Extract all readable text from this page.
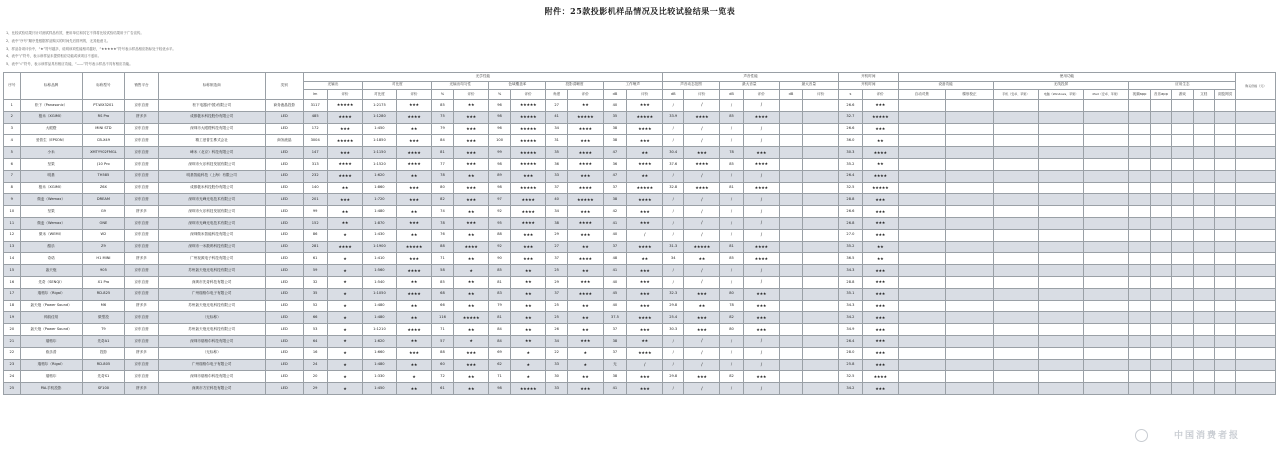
附件：25款投影机样品情况及比较试验结果一览表
1、比较试验结果只针对测试样品有效，使用单位和其它不得将比较试验结果用于广告宣传。
2、表中“序号”顺序是根据样品购买的时间先后排列的，无其他意义。
3、样品各项评价中，“★”符号越多，说明该项性能相对越好，“★★★★★”符号表示样品相应指标处于较优水平。
4、表中“/”符号，表示该样品未提供相应功能或该项目不适用。
5、表中“√”符号，表示该样品具有相应功能，“——”符号表示样品不具有相应功能。
序号	标称品牌	标称型号	销售平台	标称制造商	类别	光学性能												声音性能						开机时间		使用功能										购买价格（元）
						光输出		对比度		光输出均匀性		色域覆盖率		投影清晰度		工作噪声		声音动态范围		最大音量		最大音量		开机时间		设备功能		无线投屏			应用生态					
						lm	评价	对比度	评价	%	评价	%	评价	角度	评价	dB	评价	dB	评价	dB	评价	dB	评价	s	评价	自动对焦	梯形校正	手机（安卓、苹果）	电脑（Windows、苹果）	iPad（安卓、苹果）	视频app	音乐app	游戏	文档	浏览网页	
1	松下（Panasonic）	PT-WX3201	京东自营	松下电器(中国)有限公司	商务液晶投影	3117	★★★★★	1:2175	★★★	85	★★	96	★★★★★	27	★★	40	★★★	/	/	/	/			26.6	★★★											
2	极米（XGIMI）	RS Pro	拼多多	成都极米科技股份有限公司	LED	485	★★★★	1:1280	★★★★	75	★★★	98	★★★★★	41	★★★★★	35	★★★★★	33.9	★★★★	85	★★★★			32.7	★★★★★											
3	大眼橙	MINI STD	京东自营	深圳市大眼橙科技有限公司	LED	172	★★★	1:450	★★	79	★★★	96	★★★★★	34	★★★★	38	★★★★	/	/	/	/			26.6	★★★											
4	爱普生（EPSON）	CB-X49	京东自营	精工爱普生株式会社	商务液晶	3004	★★★★★	1:1850	★★★	84	★★★	100	★★★★★	31	★★★	38	★★★	/	/	/	/			36.0	★★											
5	小米	XMTYY02FMGL	京东自营	峰米（北京）科技有限公司	LED	147	★★★	1:1150	★★★★	81	★★★	99	★★★★★	35	★★★★	47	★★	30.4	★★★	78	★★★			30.3	★★★★											
6	坚果	J10 Pro	京东自营	深圳市火乐科技发展有限公司	LED	313	★★★★	1:1520	★★★★	77	★★★	98	★★★★★	36	★★★★	36	★★★★	37.6	★★★★	85	★★★★			35.2	★★											
7	明基	TH585	京东自营	明基智能科技（上海）有限公司	LED	232	★★★★	1:620	★★	78	★★	89	★★★	33	★★★	47	★★	/	/	/	/			26.4	★★★★											
8	极米（XGIMI）	Z6X	京东自营	成都极米科技股份有限公司	LED	140	★★	1:860	★★★	80	★★★	98	★★★★★	37	★★★★	37	★★★★★	32.8	★★★★	81	★★★★			32.5	★★★★★											
9	微麦（Wemax）	DREAM	京东自营	深圳市光峰光电技术有限公司	LED	201	★★★	1:720	★★★	82	★★★	97	★★★★	40	★★★★★	38	★★★★	/	/	/	/			28.8	★★★											
10	坚果	G9	拼多多	深圳市火乐科技发展有限公司	LED	99	★★	1:480	★★	74	★★	92	★★★★	34	★★★	42	★★★	/	/	/	/			26.6	★★★											
11	微麦（Wemax）	ONE	京东自营	深圳市光峰光电技术有限公司	LED	152	★★	1:870	★★★	78	★★★	95	★★★★	38	★★★★	41	★★★	/	/	/	/			26.8	★★★											
12	微米（WEMI）	W2	京东自营	深圳微米智能科技有限公司	LED	86	★	1:430	★★	76	★★	88	★★★	29	★★★	40	/	/	/	/	/			27.0	★★★											
13	酷乐	Z9	京东自营	深圳市一米数码科技有限公司	LED	281	★★★★	1:1900	★★★★★	88	★★★★	92	★★★	27	★★	37	★★★★	31.3	★★★★★	81	★★★★			35.2	★★											
14	奇诺	H1 MINI	拼多多	广州视源电子科技有限公司	LED	61	★	1:410	★★★	71	★★	90	★★★	37	★★★★	48	★★	34	★★	85	★★★★			36.5	★★											
15	轰天炮	905	京东自营	苏州轰天炮光电科技有限公司	LED	59	★	1:560	★★★★	58	★	85	★★	25	★★	41	★★★	/	/	/	/			34.3	★★★											
16	先奇（SENQI）	X1 Pro	京东自营	深圳市先奇科技有限公司	LED	32	★	1:540	★★	85	★★	81	★★	29	★★★	40	★★★	/	/	/	/			28.8	★★★											
17	瑞格尔（Rigal）	RD-825	京东自营	广州瑞格尔电子有限公司	LED	35	★	1:1050	★★★★	68	★★	83	★★	37	★★★★	45	★★★	32.3	★★★	80	★★★			35.1	★★★											
18	轰天炮（Power Sound）	M6	拼多多	苏州轰天炮光电科技有限公司	LED	52	★	1:480	★★	66	★★	79	★★	25	★★	40	★★★	29.8	★★	78	★★★			34.3	★★★											
19	帅韵佳易	微型投	京东自营	（无标称）	LED	66	★	1:480	★★	116	★★★★★	81	★★	25	★★	37.5	★★★★	25.4	★★★	82	★★★			34.2	★★★											
20	轰天炮（Power Sound）	T9	京东自营	苏州轰天炮光电科技有限公司	LED	53	★	1:1210	★★★★	71	★★	84	★★	26	★★	37	★★★	30.3	★★★	80	★★★			34.9	★★★											
21	瑞格尔	先奇A1	京东自营	深圳市瑞格尔科技有限公司	LED	64	★	1:620	★★	57	★	84	★★	34	★★★	38	★★	/	/	/	/			26.4	★★★											
22	欧乐普	投影	拼多多	（无标称）	LED	16	★	1:660	★★★	88	★★★	69	★	22	★	37	★★★★	/	/	/	/			28.0	★★★											
23	瑞格尔（Rigal）	RD-805	京东自营	广州瑞格尔电子有限公司	LED	24	★	1:480	★★	60	★★★	62	★	33	★	无	/	/	/	/	/			25.8	★★★											
24	瑞格尔	先奇S1	京东自营	深圳市瑞格尔科技有限公司	LED	20	★	1:330	★	72	★★	71	★	30	★★	38	★★★	29.8	★★★	82	★★★			32.5	★★★★											
25	PAL手机投影	SF100	拼多多	深圳市方宏科技有限公司	LED	29	★	1:450	★★	61	★★	98	★★★★★	33	★★★	41	★★★	/	/	/	/			34.2	★★★											
中国消费者报
